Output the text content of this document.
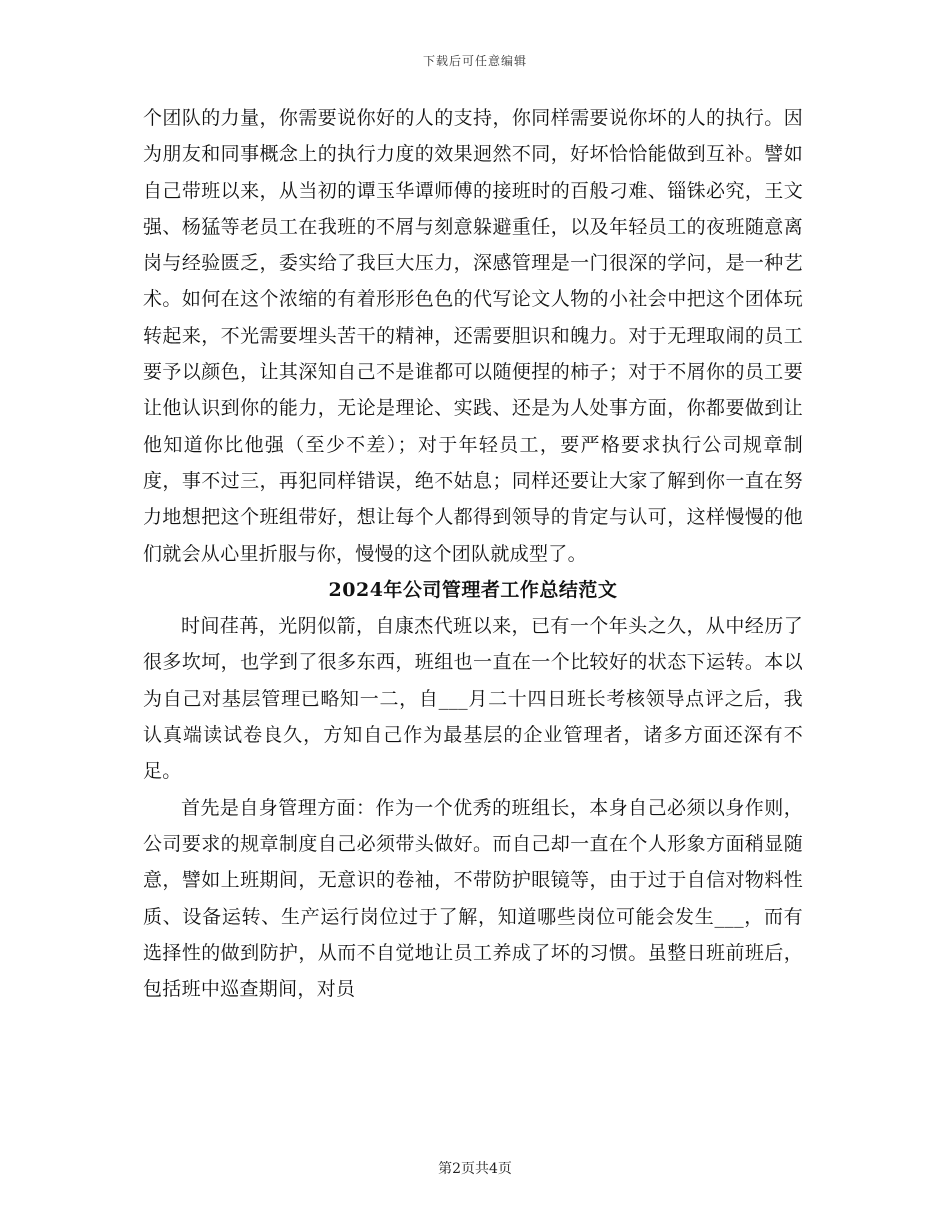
下载后可任意编辑

个团队的力量，你需要说你好的人的支持，你同样需要说你坏的人的执行。因为朋友和同事概念上的执行力度的效果迥然不同，好坏恰恰能做到互补。譬如自己带班以来，从当初的谭玉华谭师傅的接班时的百般刁难、锱铢必究，王文强、杨猛等老员工在我班的不屑与刻意躲避重任，以及年轻员工的夜班随意离岗与经验匮乏，委实给了我巨大压力，深感管理是一门很深的学问，是一种艺术。如何在这个浓缩的有着形形色色的代写论文人物的小社会中把这个团体玩转起来，不光需要埋头苦干的精神，还需要胆识和魄力。对于无理取闹的员工要予以颜色，让其深知自己不是谁都可以随便捏的柿子；对于不屑你的员工要让他认识到你的能力，无论是理论、实践、还是为人处事方面，你都要做到让他知道你比他强（至少不差）；对于年轻员工，要严格要求执行公司规章制度，事不过三，再犯同样错误，绝不姑息；同样还要让大家了解到你一直在努力地想把这个班组带好，想让每个人都得到领导的肯定与认可，这样慢慢的他们就会从心里折服与你，慢慢的这个团队就成型了。

2024年公司管理者工作总结范文

时间荏苒，光阴似箭，自康杰代班以来，已有一个年头之久，从中经历了很多坎坷，也学到了很多东西，班组也一直在一个比较好的状态下运转。本以为自己对基层管理已略知一二，自___月二十四日班长考核领导点评之后，我认真端读试卷良久，方知自己作为最基层的企业管理者，诸多方面还深有不足。

首先是自身管理方面：作为一个优秀的班组长，本身自己必须以身作则，公司要求的规章制度自己必须带头做好。而自己却一直在个人形象方面稍显随意，譬如上班期间，无意识的卷袖，不带防护眼镜等，由于过于自信对物料性质、设备运转、生产运行岗位过于了解，知道哪些岗位可能会发生___，而有选择性的做到防护，从而不自觉地让员工养成了坏的习惯。虽整日班前班后，包括班中巡查期间，对员

第2页共4页
